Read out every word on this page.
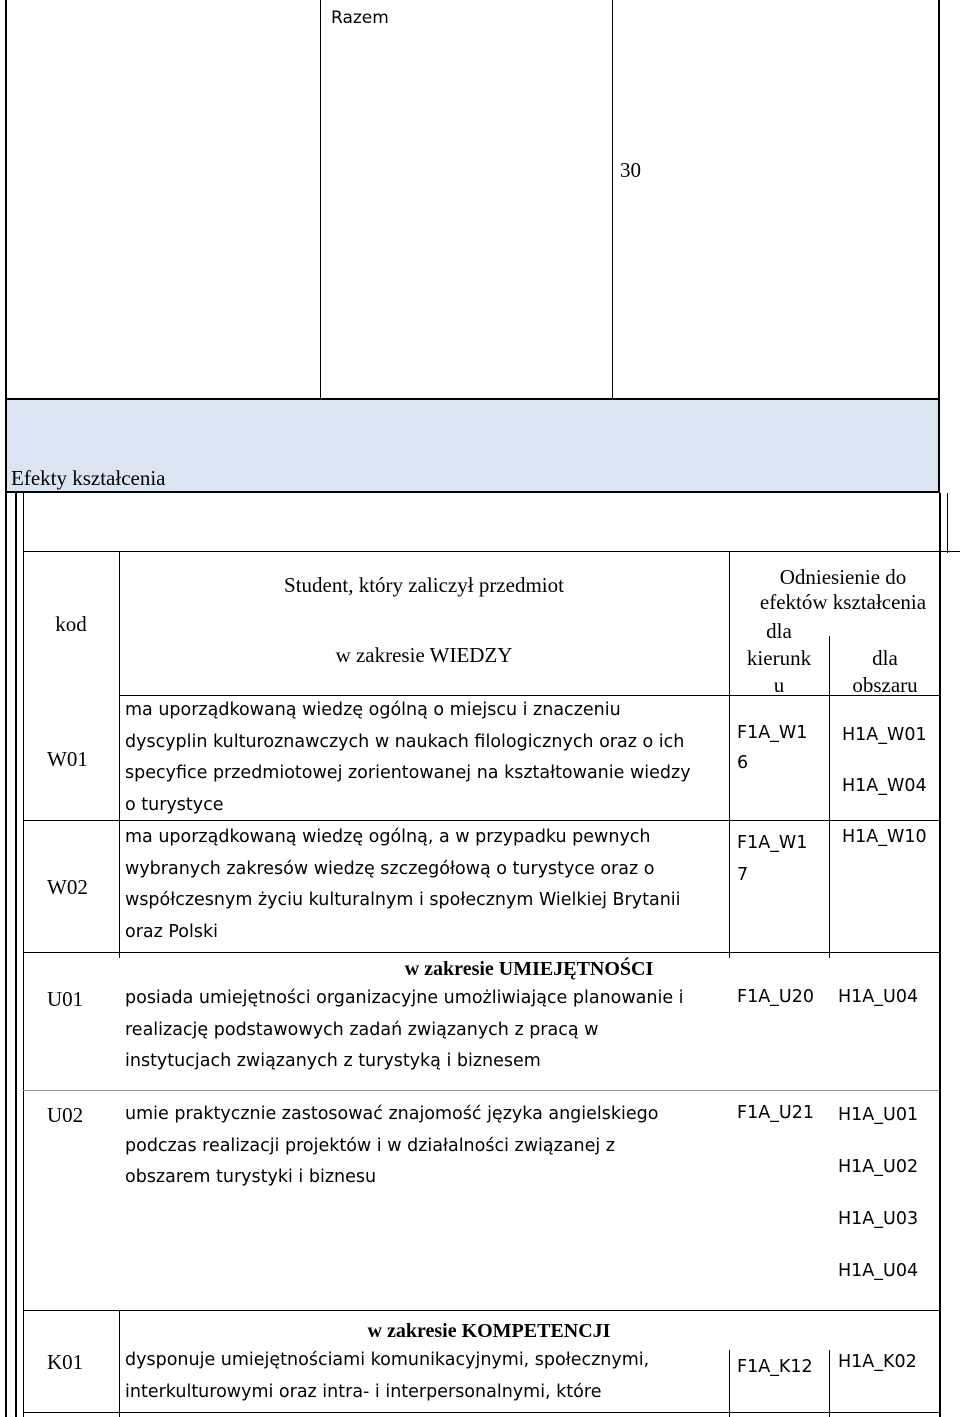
Razem
30
Efekty kształcenia
kod
Student, który zaliczył przedmiot
w zakresie WIEDZY
Odniesienie do
efektów kształcenia
dla
kierunk
u
dla
obszaru
W01
ma uporządkowaną wiedzę ogólną o miejscu i znaczeniu
dyscyplin kulturoznawczych w naukach filologicznych oraz o ich
specyfice przedmiotowej zorientowanej na kształtowanie wiedzy
o turystyce
F1A_W1
6
H1A_W01
H1A_W04
W02
ma uporządkowaną wiedzę ogólną, a w przypadku pewnych
wybranych zakresów wiedzę szczegółową o turystyce oraz o
współczesnym życiu kulturalnym i społecznym Wielkiej Brytanii
oraz Polski
F1A_W1
7
H1A_W10
w zakresie UMIEJĘTNOŚCI
U01 posiada umiejętności organizacyjne umożliwiające planowanie i
realizację podstawowych zadań związanych z pracą w
instytucjach związanych z turystyką i biznesem
F1A_U20 H1A_U04
U02 umie praktycznie zastosować znajomość języka angielskiego
podczas realizacji projektów i w działalności związanej z
obszarem turystyki i biznesu
F1A_U21 H1A_U01
H1A_U02
H1A_U03
H1A_U04
w zakresie KOMPETENCJI
K01 dysponuje umiejętnościami komunikacyjnymi, społecznymi,
interkulturowymi oraz intra- i interpersonalnymi, które
F1A_K12 H1A_K02
